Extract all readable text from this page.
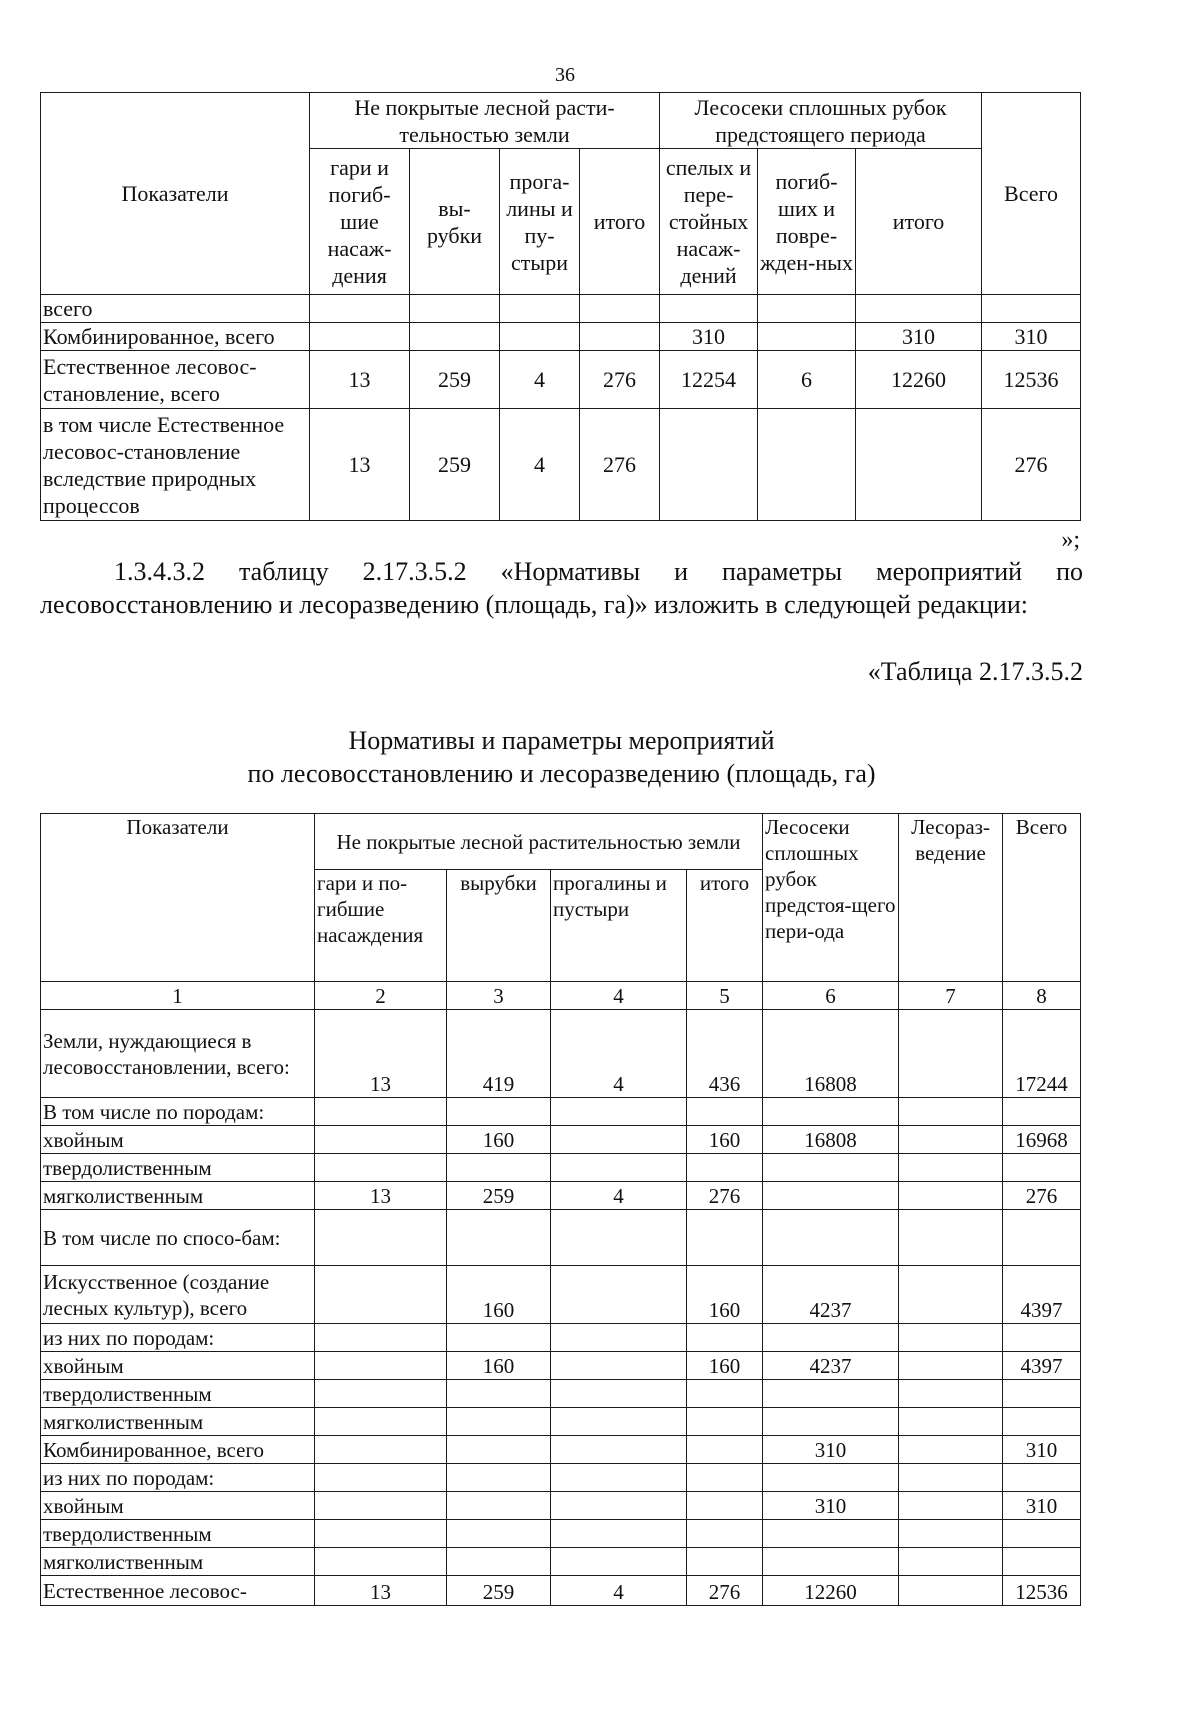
36
Показатели	Не покрытые лесной расти-тельностью земли				Лесосеки сплошных рубок предстоящего периода			Всего
	гари и погиб-шие насаж-дения	вы-рубки	прога-лины и пу-стыри	итого	спелых и пере-стойных насаж-дений	погиб-ших и повре-жден-ных	итого	
всего								
Комбинированное, всего					310		310	310
Естественное лесовос-становление, всего	13	259	4	276	12254	6	12260	12536
в том числе Естественное лесовос-становление вследствие природных процессов	13	259	4	276				276
»;
1.3.4.3.2 таблицу 2.17.3.5.2 «Нормативы и параметры мероприятий по лесовосстановлению и лесоразведению (площадь, га)» изложить в следующей редакции:
«Таблица 2.17.3.5.2
Нормативы и параметры мероприятий
по лесовосстановлению и лесоразведению (площадь, га)
Показатели	Не покрытые лесной растительностью земли				Лесосеки сплошных рубок предстоя-щего пери-ода	Лесораз-ведение	Всего
	гари и по-гибшие насаждения	вырубки	прогалины и пустыри	итого			
1	2	3	4	5	6	7	8
Земли, нуждающиеся в лесовосстановлении, всего:	13	419	4	436	16808		17244
В том числе по породам:							
хвойным		160		160	16808		16968
твердолиственным							
мягколиственным	13	259	4	276			276
В том числе по спосо-бам:							
Искусственное (создание лесных культур), всего		160		160	4237		4397
из них по породам:							
хвойным		160		160	4237		4397
твердолиственным							
мягколиственным							
Комбинированное, всего					310		310
из них по породам:							
хвойным					310		310
твердолиственным							
мягколиственным							
Естественное лесовос-	13	259	4	276	12260		12536
